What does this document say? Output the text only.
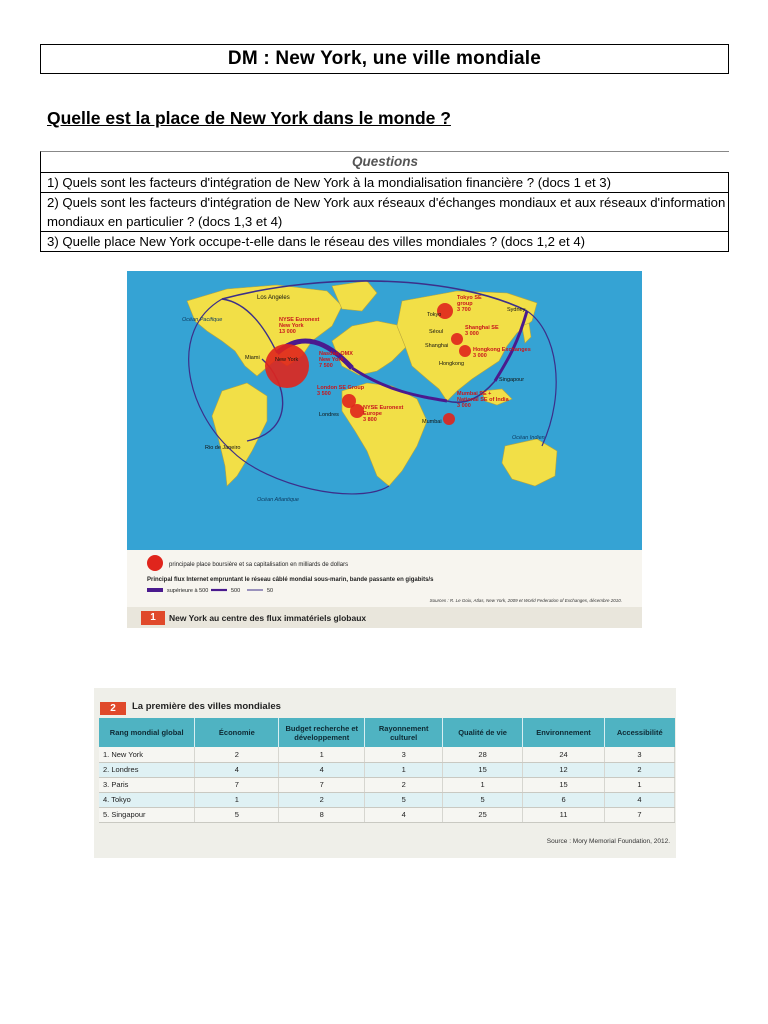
DM : New York, une ville mondiale
Quelle est la place de New York dans le monde ?
Questions
1) Quels sont les facteurs d'intégration de New York à la mondialisation financière ? (docs 1 et 3)
2) Quels sont les facteurs d'intégration de New York aux réseaux d'échanges mondiaux et aux réseaux d'information mondiaux en particulier ? (docs 1,3 et 4)
3) Quelle place New York occupe-t-elle dans le réseau des villes mondiales ? (docs 1,2 et 4)
Océan Pacifique
Océan Atlantique
Océan Indien
Los Angeles
Miami	New York
Rio de Janeiro
Londres
Tokyo
Séoul
Shanghai
Hongkong
Singapour
Mumbai
Sydney
NYSE Euronext New York 13 000
Nasdaq OMX New York 7 500
London SE Group 3 500
NYSE Euronext Europe 3 800
Tokyo SE group 3 700
Shanghai SE 3 000
Hongkong Exchanges 3 000
Mumbai SE + National SE of India 3 000
principale place boursière et sa capitalisation en milliards de dollars
Principal flux Internet empruntant le réseau câblé mondial sous-marin, bande passante en gigabits/s
supérieure à 500	500	50
Sources : R. Le Goix, Atlas, New York, 2009 et World Federation of Exchanges, décembre 2010.
1	New York au centre des flux immatériels globaux
2	La première des villes mondiales
Rang mondial global	Économie	Budget recherche et développement	Rayonnement culturel	Qualité de vie	Environnement	Accessibilité
1. New York	2	1	3	28	24	3
2. Londres	4	4	1	15	12	2
3. Paris	7	7	2	1	15	1
4. Tokyo	1	2	5	5	6	4
5. Singapour	5	8	4	25	11	7
Source : Mory Memorial Foundation, 2012.
